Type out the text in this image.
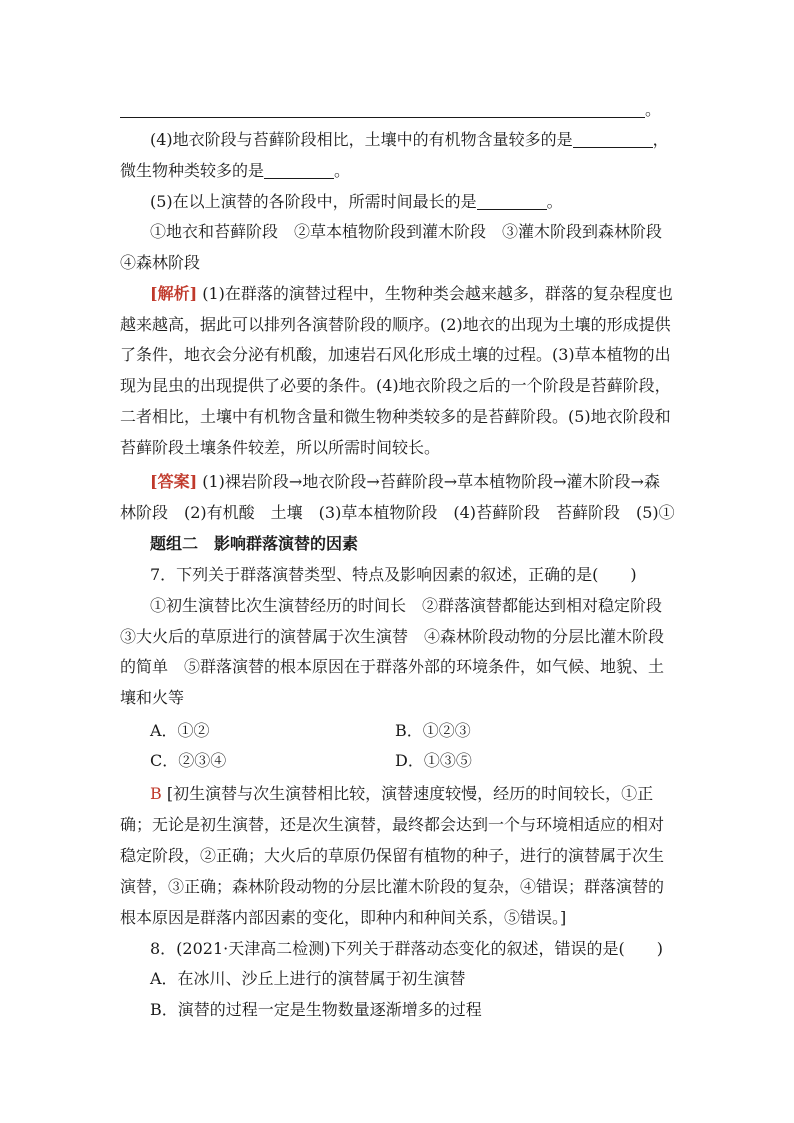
。
(4)地衣阶段与苔藓阶段相比，土壤中的有机物含量较多的是	，
微生物种类较多的是	。
(5)在以上演替的各阶段中，所需时间最长的是	。
①地衣和苔藓阶段　②草本植物阶段到灌木阶段　③灌木阶段到森林阶段
④森林阶段
[解析] (1)在群落的演替过程中，生物种类会越来越多，群落的复杂程度也
越来越高，据此可以排列各演替阶段的顺序。(2)地衣的出现为土壤的形成提供
了条件，地衣会分泌有机酸，加速岩石风化形成土壤的过程。(3)草本植物的出
现为昆虫的出现提供了必要的条件。(4)地衣阶段之后的一个阶段是苔藓阶段，
二者相比，土壤中有机物含量和微生物种类较多的是苔藓阶段。(5)地衣阶段和
苔藓阶段土壤条件较差，所以所需时间较长。
[答案] (1)裸岩阶段→地衣阶段→苔藓阶段→草本植物阶段→灌木阶段→森
林阶段　(2)有机酸　土壤　(3)草本植物阶段　(4)苔藓阶段　苔藓阶段　(5)①
题组二　影响群落演替的因素
7．下列关于群落演替类型、特点及影响因素的叙述，正确的是(　　)
①初生演替比次生演替经历的时间长　②群落演替都能达到相对稳定阶段
③大火后的草原进行的演替属于次生演替　④森林阶段动物的分层比灌木阶段
的简单　⑤群落演替的根本原因在于群落外部的环境条件，如气候、地貌、土
壤和火等
A．①②	B．①②③
C．②③④	D．①③⑤
B [初生演替与次生演替相比较，演替速度较慢，经历的时间较长，①正
确；无论是初生演替，还是次生演替，最终都会达到一个与环境相适应的相对
稳定阶段，②正确；大火后的草原仍保留有植物的种子，进行的演替属于次生
演替，③正确；森林阶段动物的分层比灌木阶段的复杂，④错误；群落演替的
根本原因是群落内部因素的变化，即种内和种间关系，⑤错误。]
8．(2021·天津高二检测)下列关于群落动态变化的叙述，错误的是(　　)
A．在冰川、沙丘上进行的演替属于初生演替
B．演替的过程一定是生物数量逐渐增多的过程
